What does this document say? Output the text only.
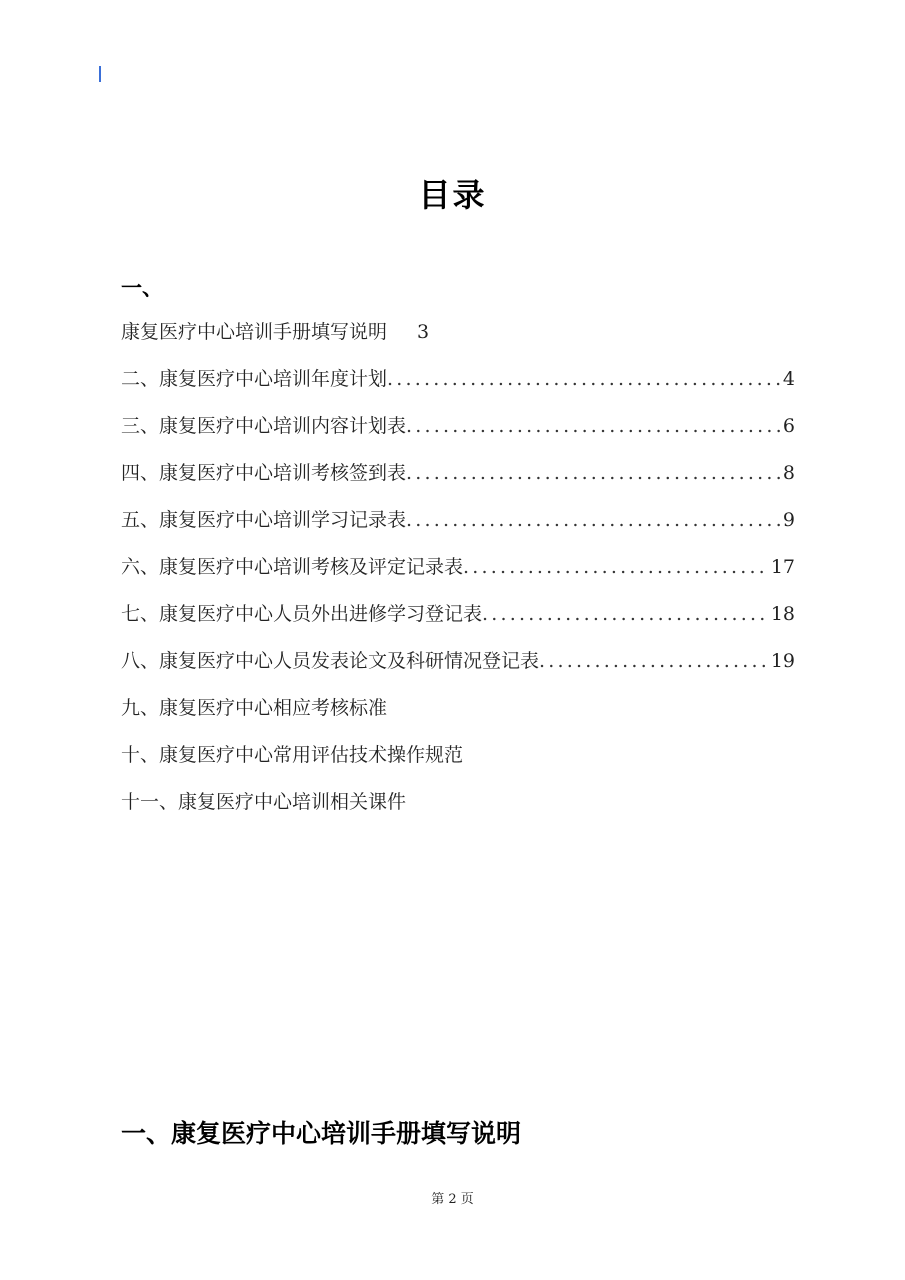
目录
一、
康复医疗中心培训手册填写说明 3
二、康复医疗中心培训年度计划 .....	4
三、康复医疗中心培训内容计划表 .....	6
四、康复医疗中心培训考核签到表 .....	8
五、康复医疗中心培训学习记录表 .....	9
六、康复医疗中心培训考核及评定记录表 .....	17
七、康复医疗中心人员外出进修学习登记表 .....	18
八、康复医疗中心人员发表论文及科研情况登记表 .....	19
九、康复医疗中心相应考核标准
十、康复医疗中心常用评估技术操作规范
十一、康复医疗中心培训相关课件
一、康复医疗中心培训手册填写说明
第 2 页
